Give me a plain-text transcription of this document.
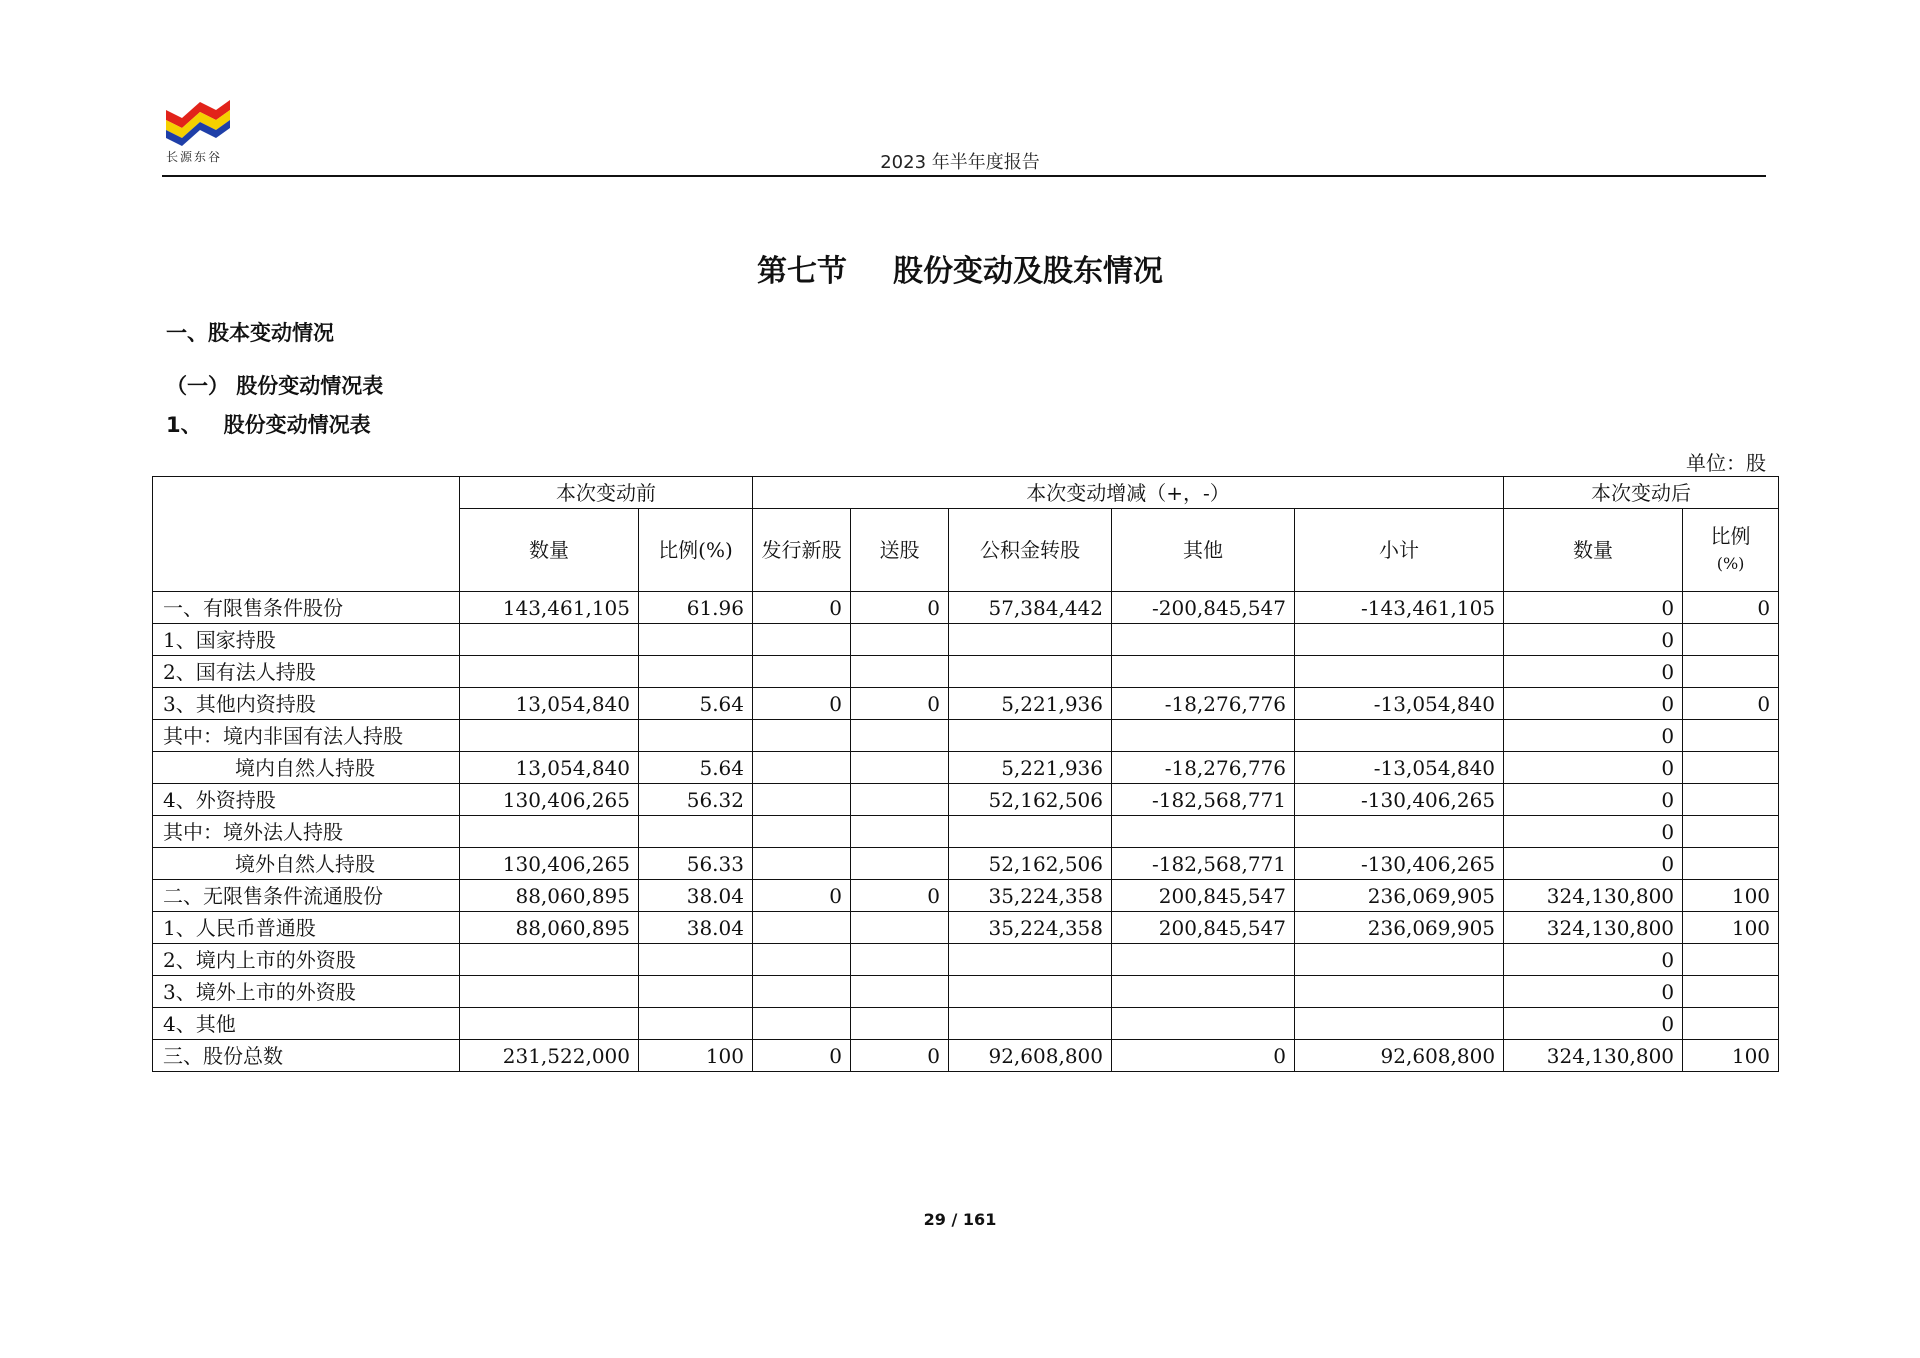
长源东谷	2023 年半年度报告
第七节 股份变动及股东情况
一、股本变动情况
（一） 股份变动情况表
1、 股份变动情况表
单位：股
	本次变动前		本次变动增减（+，-）					本次变动后	
	数量	比例(%)	发行新股	送股	公积金转股	其他	小计	数量	比例
(%)

一、有限售条件股份	143,461,105	61.96	0	0	57,384,442	-200,845,547	-143,461,105	0	0
1、国家持股								0	
2、国有法人持股								0	
3、其他内资持股	13,054,840	5.64	0	0	5,221,936	-18,276,776	-13,054,840	0	0
其中：境内非国有法人持股								0	
境内自然人持股	13,054,840	5.64			5,221,936	-18,276,776	-13,054,840	0	
4、外资持股	130,406,265	56.32			52,162,506	-182,568,771	-130,406,265	0	
其中：境外法人持股								0	
境外自然人持股	130,406,265	56.33			52,162,506	-182,568,771	-130,406,265	0	
二、无限售条件流通股份	88,060,895	38.04	0	0	35,224,358	200,845,547	236,069,905	324,130,800	100
1、人民币普通股	88,060,895	38.04			35,224,358	200,845,547	236,069,905	324,130,800	100
2、境内上市的外资股								0	
3、境外上市的外资股								0	
4、其他								0	
三、股份总数	231,522,000	100	0	0	92,608,800	0	92,608,800	324,130,800	100
29 / 161
